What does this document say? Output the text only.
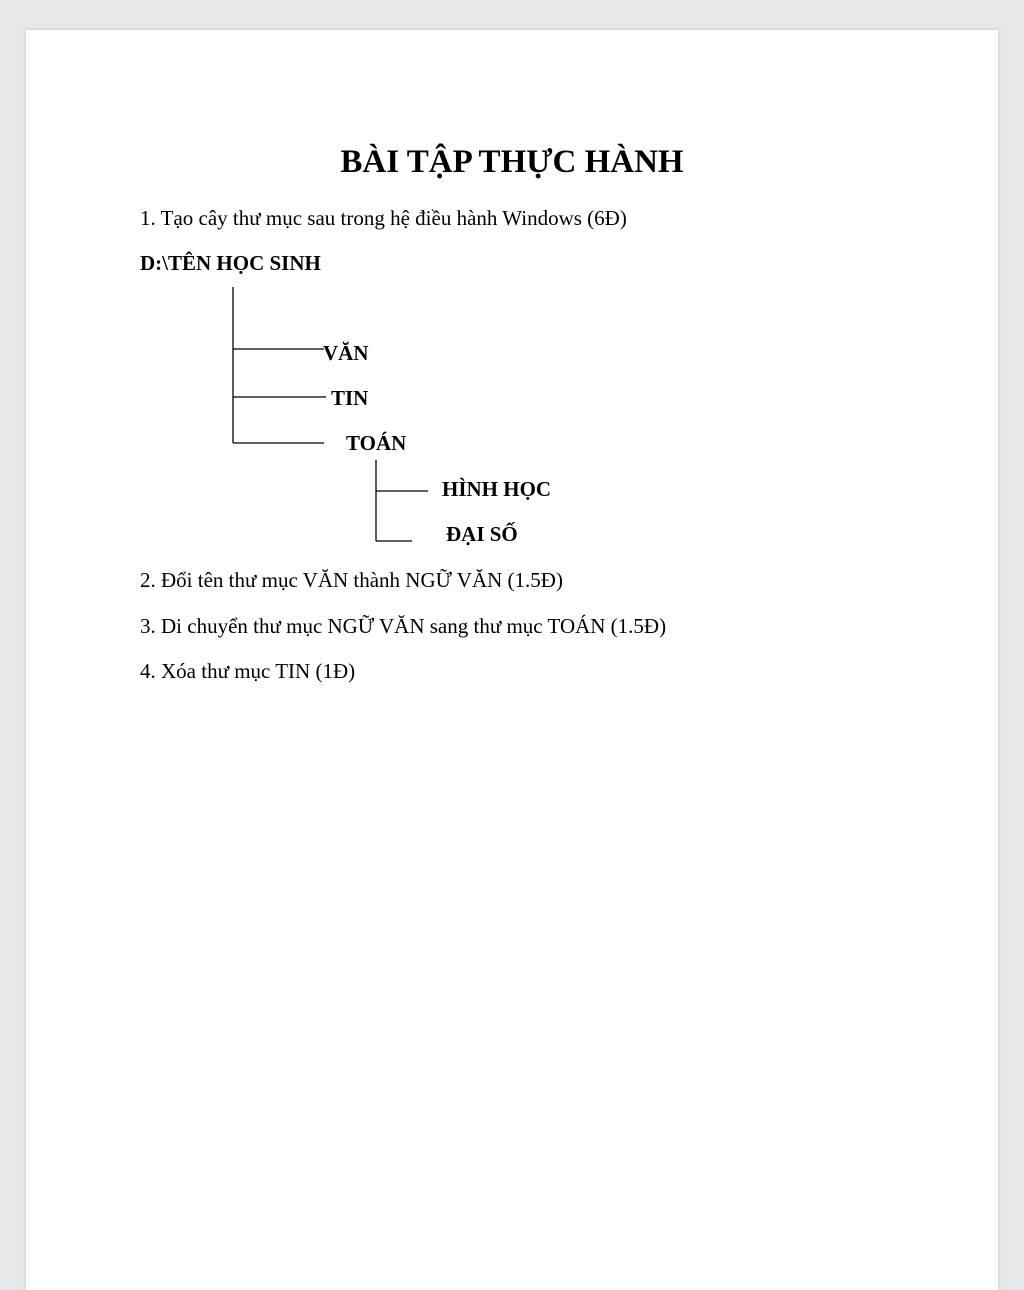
BÀI TẬP THỰC HÀNH
1. Tạo cây thư mục sau trong hệ điều hành Windows (6Đ)
D:\TÊN HỌC SINH
VĂN
TIN
TOÁN
HÌNH HỌC
ĐẠI SỐ
2. Đổi tên thư mục VĂN thành NGỮ VĂN (1.5Đ)
3. Di chuyển thư mục NGỮ VĂN sang thư mục TOÁN (1.5Đ)
4. Xóa thư mục TIN (1Đ)
